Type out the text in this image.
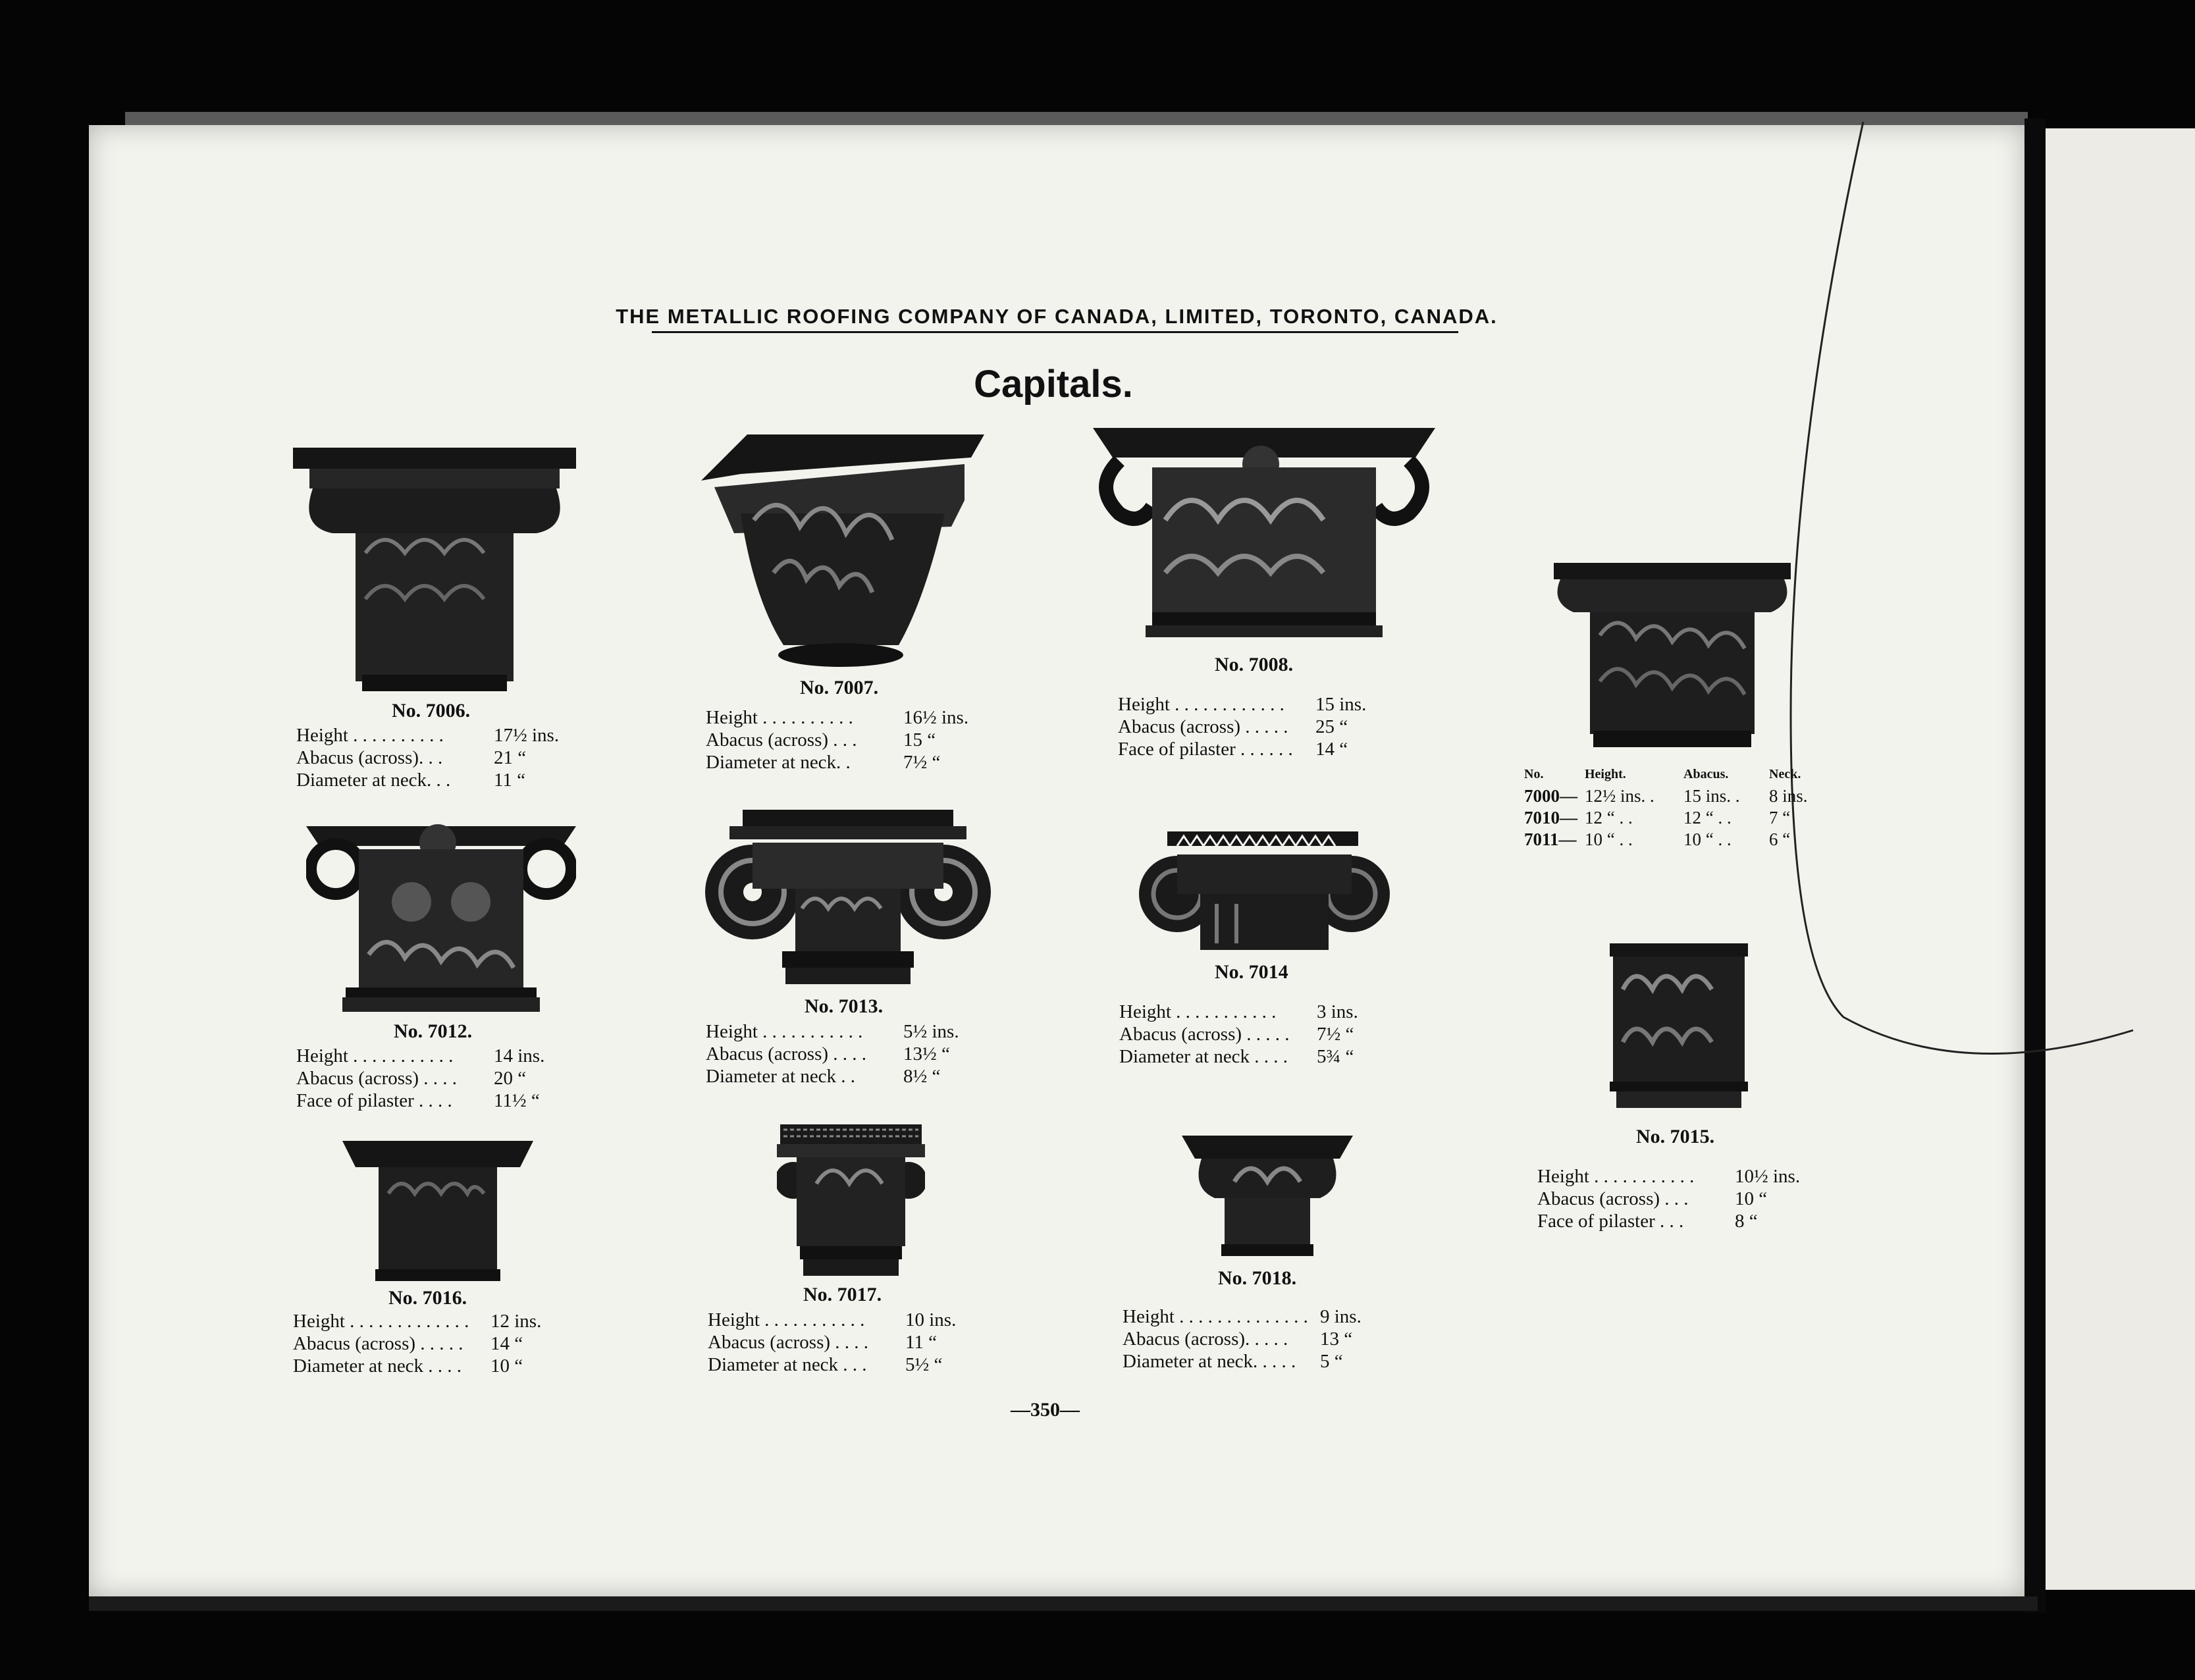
THE METALLIC ROOFING COMPANY OF CANADA, LIMITED, TORONTO, CANADA.
Capitals.
No. 7006.
Height . . . . . . . . . .	17½ ins.
Abacus (across). . .	21 “
Diameter at neck. . .	11 “
No. 7007.
Height . . . . . . . . . .	16½ ins.
Abacus (across) . . .	15 “
Diameter at neck. .	7½ “
No. 7008.
Height . . . . . . . . . . . .	15 ins.
Abacus (across) . . . . .	25 “
Face of pilaster . . . . . .	14 “
No.	Height.	Abacus.	Neck.
7000— 12½ ins. .	15 ins. .	8 ins.
7010— 12 “ . .	12 “ . .	7 “
7011— 10 “ . .	10 “ . .	6 “
No. 7012.
Height . . . . . . . . . . .	14 ins.
Abacus (across) . . . .	20 “
Face of pilaster . . . .	11½ “
No. 7013.
Height . . . . . . . . . . .	5½ ins.
Abacus (across) . . . .	13½ “
Diameter at neck . .	8½ “
No. 7014
Height . . . . . . . . . . .	3 ins.
Abacus (across) . . . . .	7½ “
Diameter at neck . . . .	5¾ “
No. 7015.
Height . . . . . . . . . . .	10½ ins.
Abacus (across) . . .	10 “
Face of pilaster . . .	8 “
No. 7016.
Height . . . . . . . . . . . . .	12 ins.
Abacus (across) . . . . .	14 “
Diameter at neck . . . .	10 “
No. 7017.
Height . . . . . . . . . . .	10 ins.
Abacus (across) . . . .	11 “
Diameter at neck . . .	5½ “
No. 7018.
Height . . . . . . . . . . . . . . 9 ins.
Abacus (across). . . . .	13 “
Diameter at neck. . . . .	5 “
—350—
